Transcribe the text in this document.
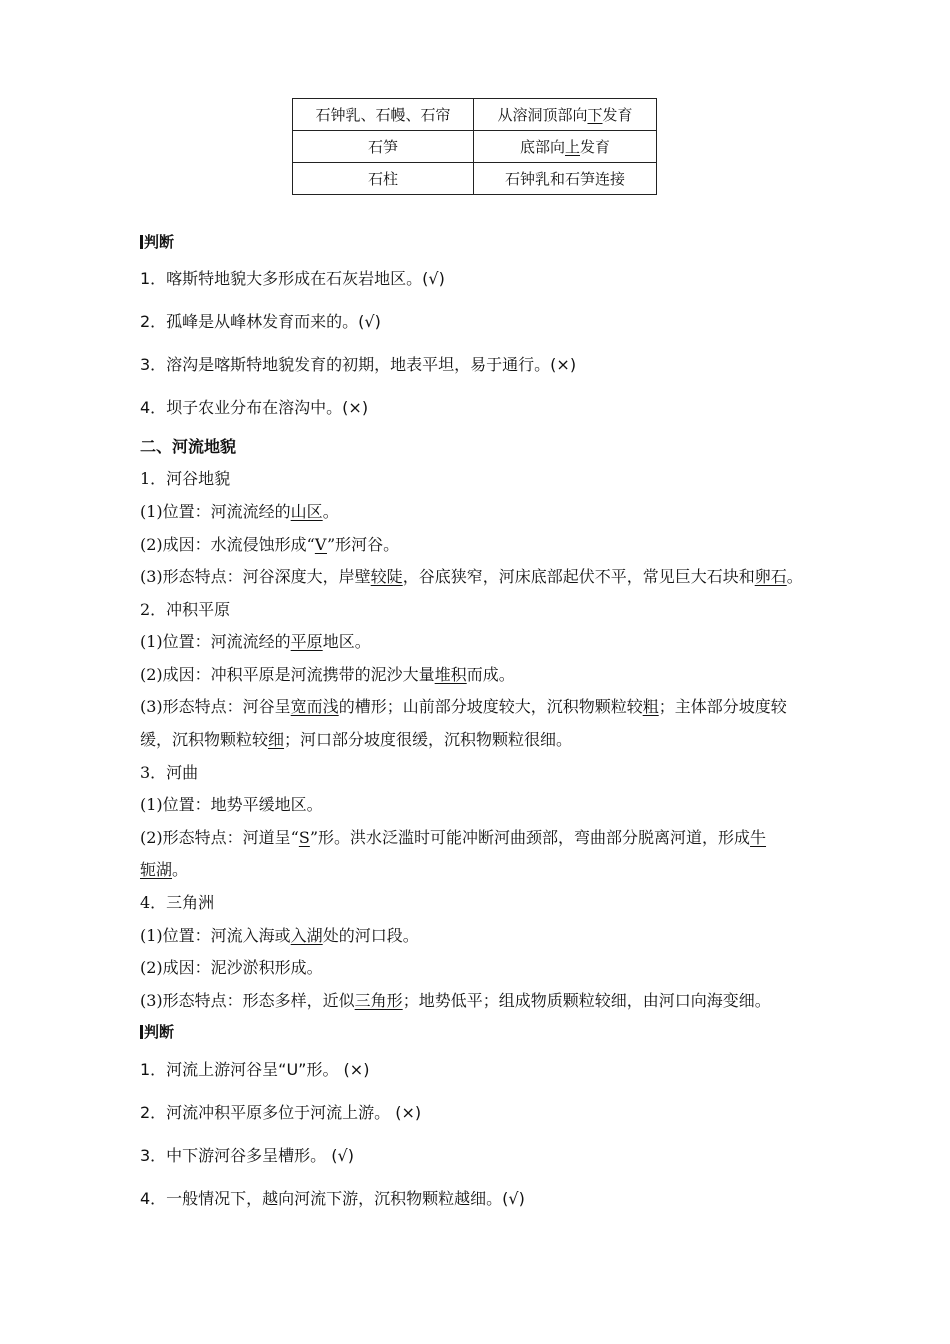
石钟乳、石幔、石帘	从溶洞顶部向下发育
石笋	底部向上发育
石柱	石钟乳和石笋连接
判断
1．喀斯特地貌大多形成在石灰岩地区。(√)
2．孤峰是从峰林发育而来的。(√)
3．溶沟是喀斯特地貌发育的初期，地表平坦，易于通行。(×)
4．坝子农业分布在溶沟中。(×)
二、河流地貌
1．河谷地貌
(1)位置：河流流经的山区。
(2)成因：水流侵蚀形成“V”形河谷。
(3)形态特点：河谷深度大，岸壁较陡，谷底狭窄，河床底部起伏不平，常见巨大石块和卵石。
2．冲积平原
(1)位置：河流流经的平原地区。
(2)成因：冲积平原是河流携带的泥沙大量堆积而成。
(3)形态特点：河谷呈宽而浅的槽形；山前部分坡度较大，沉积物颗粒较粗；主体部分坡度较
缓，沉积物颗粒较细；河口部分坡度很缓，沉积物颗粒很细。
3．河曲
(1)位置：地势平缓地区。
(2)形态特点：河道呈“S”形。洪水泛滥时可能冲断河曲颈部，弯曲部分脱离河道，形成牛
轭湖。
4．三角洲
(1)位置：河流入海或入湖处的河口段。
(2)成因：泥沙淤积形成。
(3)形态特点：形态多样，近似三角形；地势低平；组成物质颗粒较细，由河口向海变细。
判断
1．河流上游河谷呈“U”形。 (×)
2．河流冲积平原多位于河流上游。 (×)
3．中下游河谷多呈槽形。 (√)
4．一般情况下，越向河流下游，沉积物颗粒越细。(√)
